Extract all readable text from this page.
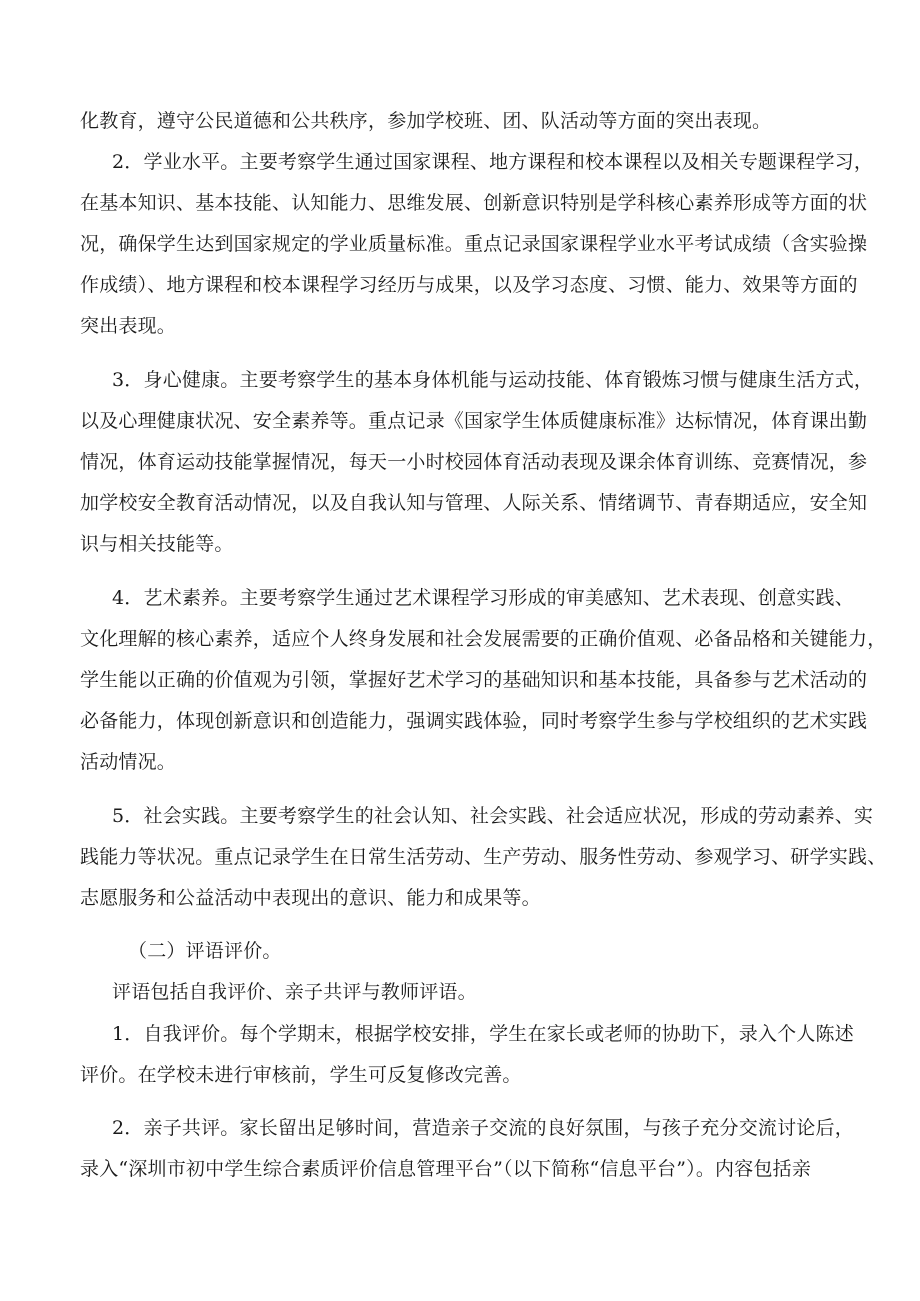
化教育，遵守公民道德和公共秩序，参加学校班、团、队活动等方面的突出表现。
2．学业水平。主要考察学生通过国家课程、地方课程和校本课程以及相关专题课程学习，
在基本知识、基本技能、认知能力、思维发展、创新意识特别是学科核心素养形成等方面的状
况，确保学生达到国家规定的学业质量标准。重点记录国家课程学业水平考试成绩（含实验操
作成绩）、地方课程和校本课程学习经历与成果，以及学习态度、习惯、能力、效果等方面的
突出表现。
3．身心健康。主要考察学生的基本身体机能与运动技能、体育锻炼习惯与健康生活方式，
以及心理健康状况、安全素养等。重点记录《国家学生体质健康标准》达标情况，体育课出勤
情况，体育运动技能掌握情况，每天一小时校园体育活动表现及课余体育训练、竞赛情况，参
加学校安全教育活动情况，以及自我认知与管理、人际关系、情绪调节、青春期适应，安全知
识与相关技能等。
4．艺术素养。主要考察学生通过艺术课程学习形成的审美感知、艺术表现、创意实践、
文化理解的核心素养，适应个人终身发展和社会发展需要的正确价值观、必备品格和关键能力，
学生能以正确的价值观为引领，掌握好艺术学习的基础知识和基本技能，具备参与艺术活动的
必备能力，体现创新意识和创造能力，强调实践体验，同时考察学生参与学校组织的艺术实践
活动情况。
5．社会实践。主要考察学生的社会认知、社会实践、社会适应状况，形成的劳动素养、实
践能力等状况。重点记录学生在日常生活劳动、生产劳动、服务性劳动、参观学习、研学实践、
志愿服务和公益活动中表现出的意识、能力和成果等。
（二）评语评价。
评语包括自我评价、亲子共评与教师评语。
1．自我评价。每个学期末，根据学校安排，学生在家长或老师的协助下，录入个人陈述
评价。在学校未进行审核前，学生可反复修改完善。
2．亲子共评。家长留出足够时间，营造亲子交流的良好氛围，与孩子充分交流讨论后，
录入“深圳市初中学生综合素质评价信息管理平台”（以下简称“信息平台”）。内容包括亲
